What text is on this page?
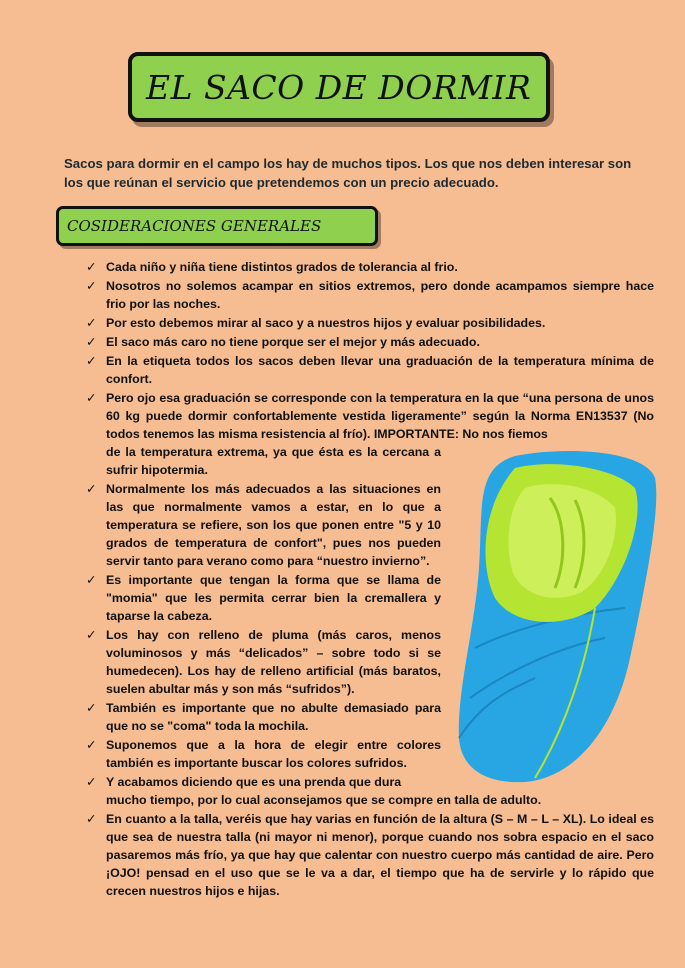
EL SACO DE DORMIR
Sacos para dormir en el campo los hay de muchos tipos. Los que nos deben interesar son los que reúnan el servicio que pretendemos con un precio adecuado.
COSIDERACIONES GENERALES
✓ Cada niño y niña tiene distintos grados de tolerancia al frio.
✓ Nosotros no solemos acampar en sitios extremos, pero donde acampamos siempre hace frio por las noches.
✓ Por esto debemos mirar al saco y a nuestros hijos y evaluar posibilidades.
✓ El saco más caro no tiene porque ser el mejor y más adecuado.
✓ En la etiqueta todos los sacos deben llevar una graduación de la temperatura mínima de confort.
✓ Pero ojo esa graduación se corresponde con la temperatura en la que “una persona de unos 60 kg puede dormir confortablemente vestida ligeramente” según la Norma EN13537 (No todos tenemos las misma resistencia al frío). IMPORTANTE: No nos fiemos
de la temperatura extrema, ya que ésta es la cercana a sufrir hipotermia.
✓ Normalmente los más adecuados a las situaciones en las que normalmente vamos a estar, en lo que a temperatura se refiere, son los que ponen entre "5 y 10 grados de temperatura de confort", pues nos pueden servir tanto para verano como para “nuestro invierno”.
✓ Es importante que tengan la forma que se llama de "momia" que les permita cerrar bien la cremallera y taparse la cabeza.
✓ Los hay con relleno de pluma (más caros, menos voluminosos y más “delicados” – sobre todo si se humedecen). Los hay de relleno artificial (más baratos, suelen abultar más y son más “sufridos”).
✓ También es importante que no abulte demasiado para que no se "coma" toda la mochila.
✓ Suponemos que a la hora de elegir entre colores también es importante buscar los colores sufridos.
✓ Y acabamos diciendo que es una prenda que dura
mucho tiempo, por lo cual aconsejamos que se compre en talla de adulto.
✓ En cuanto a la talla, veréis que hay varias en función de la altura (S – M – L – XL). Lo ideal es que sea de nuestra talla (ni mayor ni menor), porque cuando nos sobra espacio en el saco pasaremos más frío, ya que hay que calentar con nuestro cuerpo más cantidad de aire. Pero ¡OJO! pensad en el uso que se le va a dar, el tiempo que ha de servirle y lo rápido que crecen nuestros hijos e hijas.
